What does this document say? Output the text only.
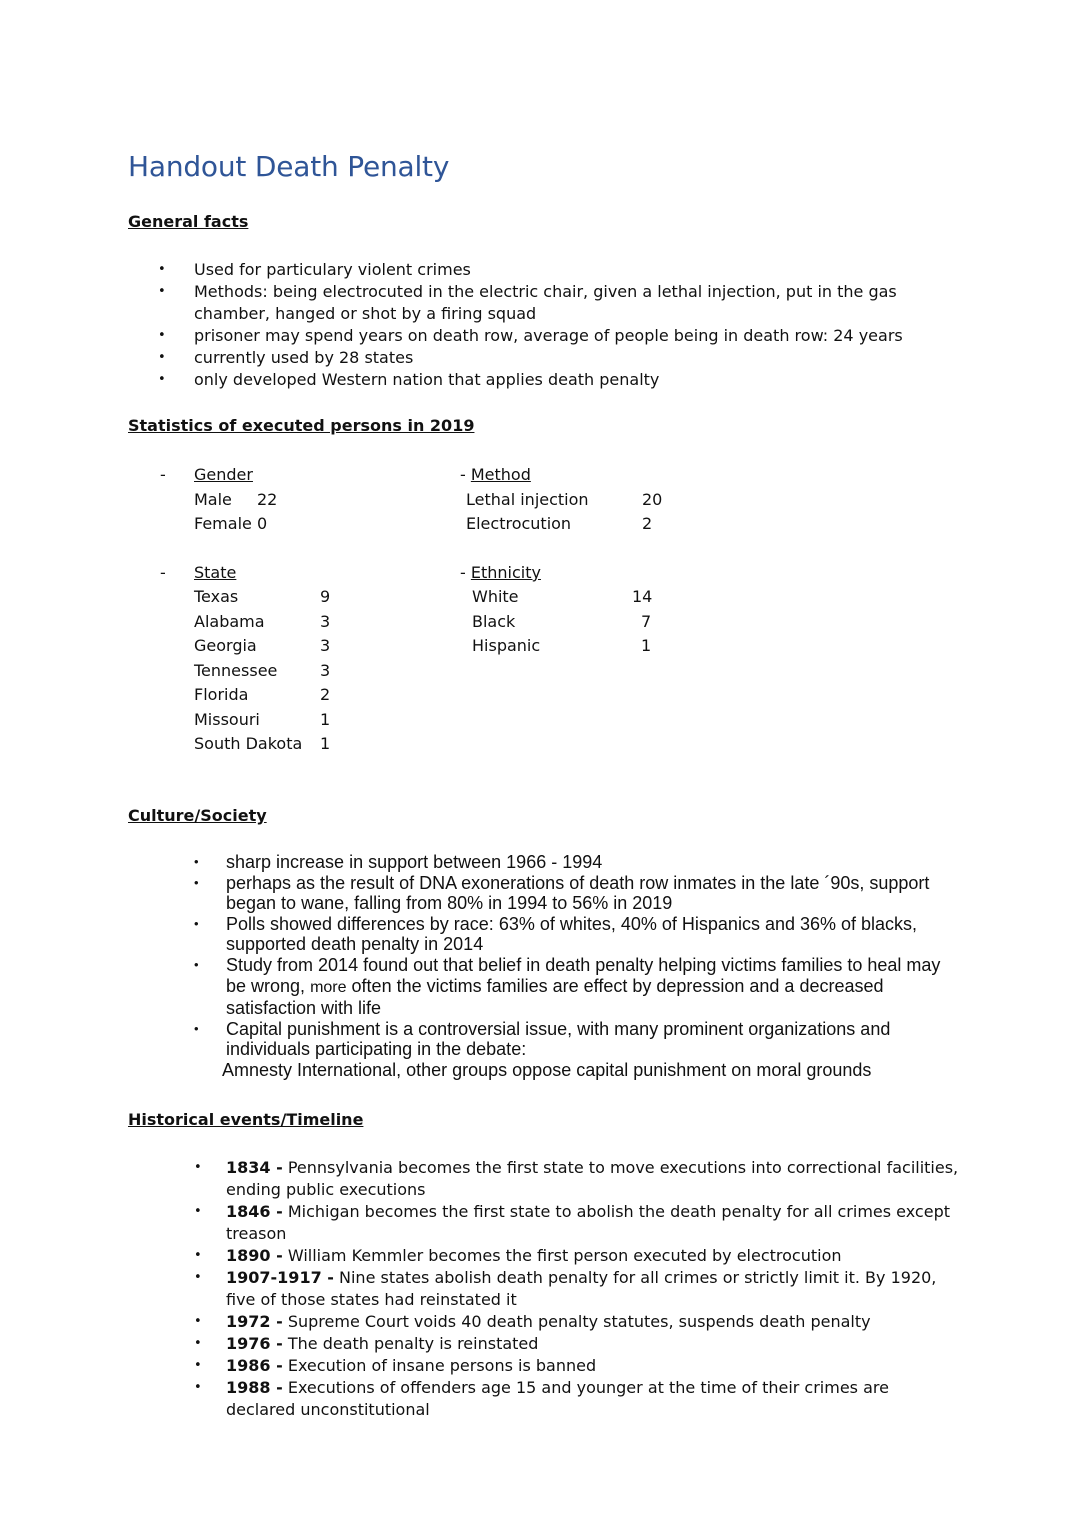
Handout Death Penalty
General facts
• Used for particulary violent crimes
• Methods: being electrocuted in the electric chair, given a lethal injection, put in the gas chamber, hanged or shot by a firing squad
• prisoner may spend years on death row, average of people being in death row: 24 years
• currently used by 28 states
• only developed Western nation that applies death penalty
Statistics of executed persons in 2019
- Gender
Male 22
Female 0
- Method
Lethal injection	20
Electrocution	2
- State
Texas	9
Alabama	3
Georgia	3
Tennessee	3
Florida	2
Missouri	1
South Dakota 1
- Ethnicity
White	14
Black	7
Hispanic	1
Culture/Society
• sharp increase in support between 1966 - 1994
• perhaps as the result of DNA exonerations of death row inmates in the late ´90s, support began to wane, falling from 80% in 1994 to 56% in 2019
• Polls showed differences by race: 63% of whites, 40% of Hispanics and 36% of blacks, supported death penalty in 2014
• Study from 2014 found out that belief in death penalty helping victims families to heal may be wrong, more often the victims families are effect by depression and a decreased satisfaction with life
• Capital punishment is a controversial issue, with many prominent organizations and individuals participating in the debate:
Amnesty International, other groups oppose capital punishment on moral grounds
Historical events/Timeline
• 1834 - Pennsylvania becomes the first state to move executions into correctional facilities, ending public executions
• 1846 - Michigan becomes the first state to abolish the death penalty for all crimes except treason
• 1890 - William Kemmler becomes the first person executed by electrocution
• 1907-1917 - Nine states abolish death penalty for all crimes or strictly limit it. By 1920, five of those states had reinstated it
• 1972 - Supreme Court voids 40 death penalty statutes, suspends death penalty
• 1976 - The death penalty is reinstated
• 1986 - Execution of insane persons is banned
• 1988 - Executions of offenders age 15 and younger at the time of their crimes are declared unconstitutional
